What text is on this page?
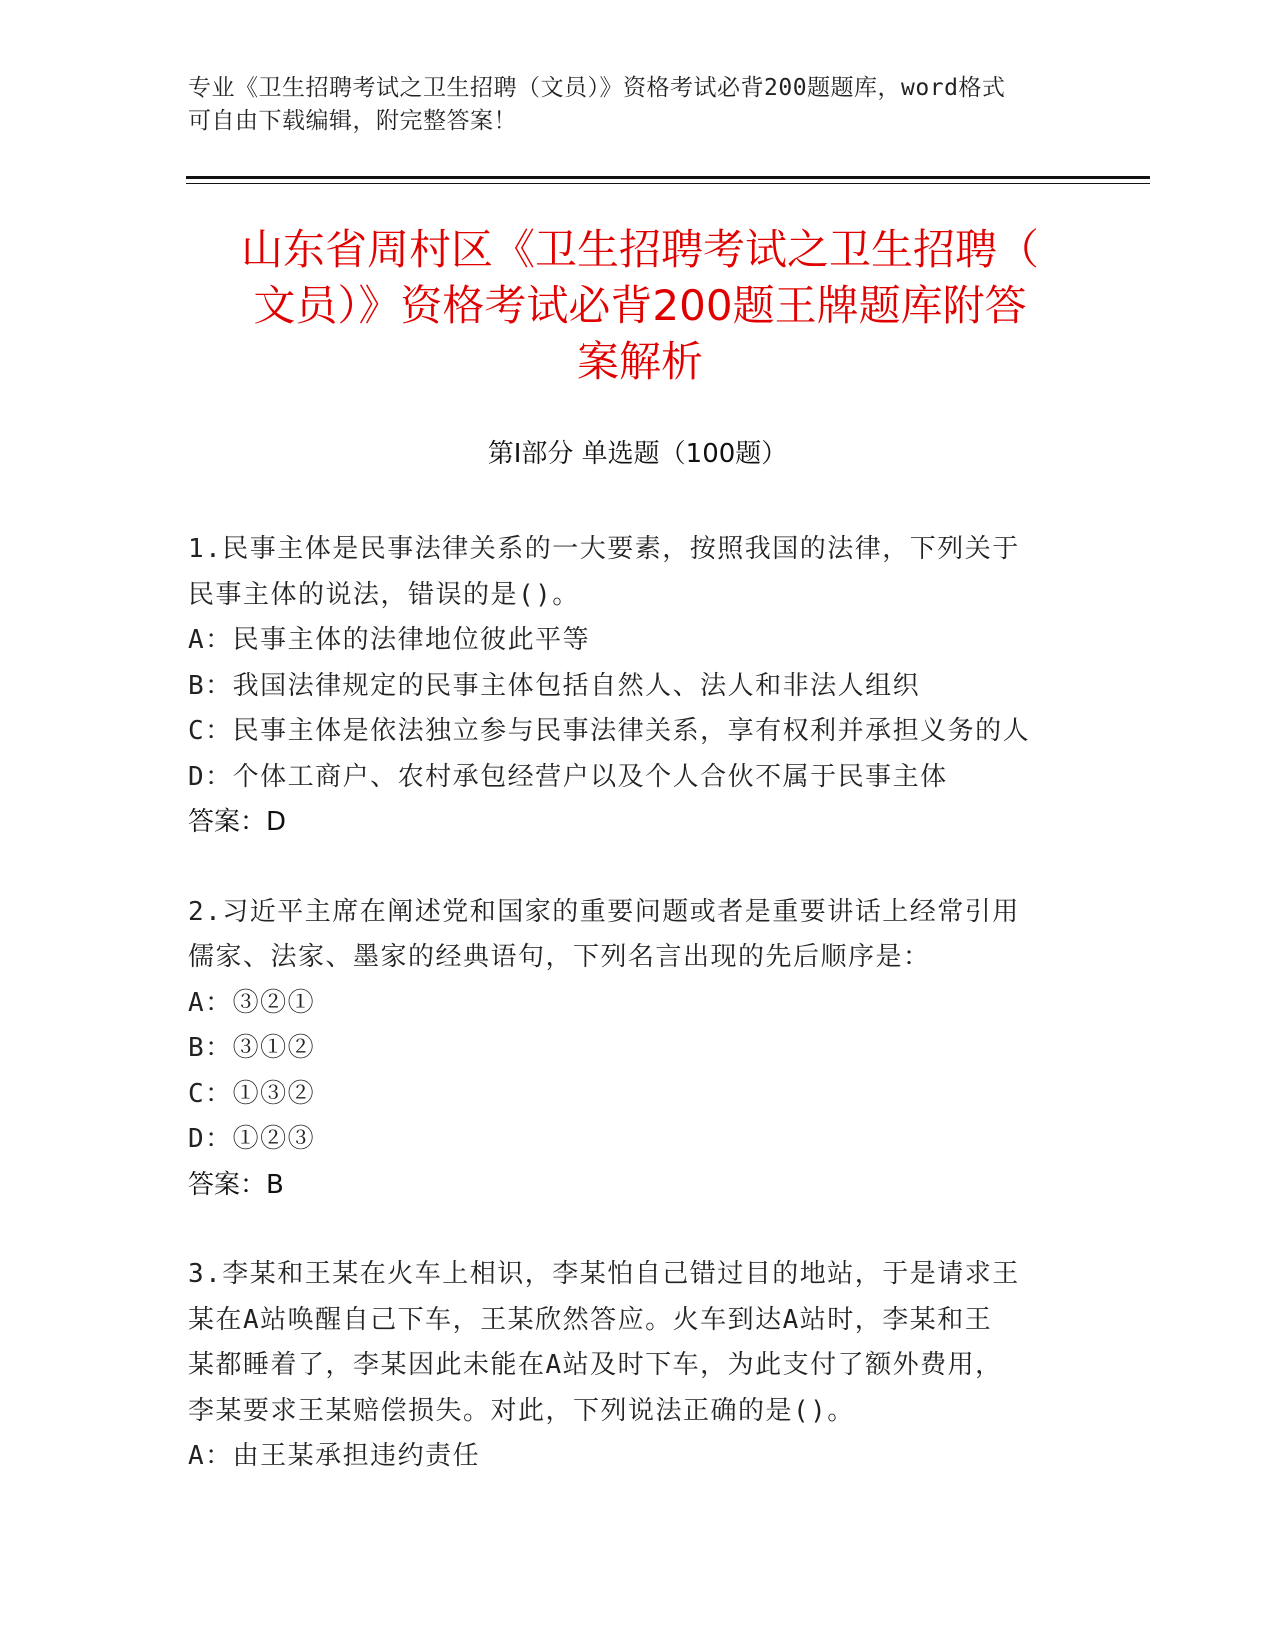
专业《卫生招聘考试之卫生招聘（文员）》资格考试必背200题题库，word格式
可自由下载编辑，附完整答案！
山东省周村区《卫生招聘考试之卫生招聘（
文员）》资格考试必背200题王牌题库附答
案解析
第Ⅰ部分 单选题（100题）
1.民事主体是民事法律关系的一大要素，按照我国的法律，下列关于
民事主体的说法，错误的是()。
A：民事主体的法律地位彼此平等
B：我国法律规定的民事主体包括自然人、法人和非法人组织
C：民事主体是依法独立参与民事法律关系，享有权利并承担义务的人
D：个体工商户、农村承包经营户以及个人合伙不属于民事主体
答案：D
2.习近平主席在阐述党和国家的重要问题或者是重要讲话上经常引用
儒家、法家、墨家的经典语句，下列名言出现的先后顺序是：
A：③②①
B：③①②
C：①③②
D：①②③
答案：B
3.李某和王某在火车上相识，李某怕自己错过目的地站，于是请求王
某在A站唤醒自己下车，王某欣然答应。火车到达A站时，李某和王
某都睡着了，李某因此未能在A站及时下车，为此支付了额外费用，
李某要求王某赔偿损失。对此，下列说法正确的是()。
A：由王某承担违约责任
